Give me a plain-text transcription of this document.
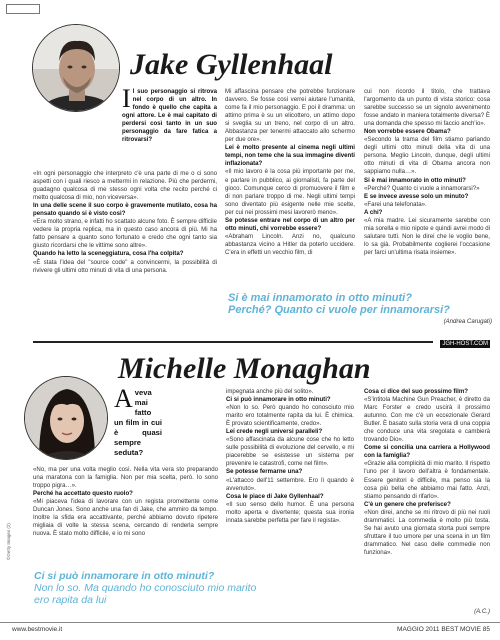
Jake Gyllenhaal
I l suo personaggio si ritrova nel corpo di un altro. In fondo è quello che capita a ogni attore. Le è mai capitato di perdersi così tanto in un suo personaggio da fare fatica a ritrovarsi?

«In ogni personaggio che interpreto c'è una parte di me o ci sono aspetti con i quali riesco a mettermi in relazione. Più che perdermi, guadagno qualcosa di me stesso ogni volta che recito perché ci metto qualcosa di mio, non viceversa».

In una delle scene il suo corpo è gravemente mutilato, cosa ha pensato quando si è visto così?

«Era molto strano, e infatti ho scattato alcune foto. È sempre difficile vedere la propria replica, ma in questo caso ancora di più. Mi ha fatto pensare a quanto sono fortunato e credo che ogni tanto sia giusto ricordarsi che le vittime sono altre».

Quando ha letto la sceneggiatura, cosa l'ha colpita?

«È stata l'idea del "source code" a convincermi, la possibilità di rivivere gli ultimi otto minuti di vita di una persona.

Mi affascina pensare che potrebbe funzionare davvero. Se fosse così verrei aiutare l'umanità, come fa il mio personaggio. E poi il dramma: un attimo prima è su un elicottero, un attimo dopo si sveglia su un treno, nel corpo di un altro. Abbastanza per tenermi attaccato allo schermo per due ore».

Lei è molto presente al cinema negli ultimi tempi, non teme che la sua immagine diventi inflazionata?

«Il mio lavoro è la cosa più importante per me, e parlare in pubblico, ai giornalisti, fa parte del gioco. Comunque cerco di promuovere il film e di non parlare troppo di me. Negli ultimi tempi sono diventato più esigente nelle mie scelte, per cui nei prossimi mesi lavorerò meno».

Se potesse entrare nel corpo di un altro per otto minuti, chi vorrebbe essere?

«Abraham Lincoln. Anzi no, qualcuno abbastanza vicino a Hitler da poterlo uccidere. C'era in effetti un vecchio film, di

cui non ricordo il titolo, che trattava l'argomento da un punto di vista storico: cosa sarebbe successo se un signolo avvenimento fosse andato in maniera totalmente diversa? È una domanda che spesso mi faccio anch'io».

Non vorrebbe essere Obama?

«Secondo la trama del film stiamo parlando degli ultimi otto minuti della vita di una persona. Meglio Lincoln, dunque, degli ultimi otto minuti di vita di Obama ancora non sappiamo nulla…».

Si è mai innamorato in otto minuti?

«Perché? Quanto ci vuole a innamorarsi?»

E se invece avesse solo un minuto?

«Farei una telefonata».

A chi?

«A mia madre. Lei sicuramente sarebbe con mia sorella e mio nipote e quindi avrei modo di salutare tutti. Non le direi che le voglio bene, lo sa già. Probabilmente coglierei l'occasione per farci un'ultima risata insieme».

(Andrea Carugati)
Si è mai innamorato in otto minuti?
Perché? Quanto ci vuole per innamorarsi?
JGH-HOST.COM
Michelle Monaghan
A veva mai fatto un film in cui è quasi sempre seduta?

«No, ma per una volta meglio così. Nella vita vera sto preparando una maratona con la famiglia. Non per mia scelta, però. Io sono troppo pigra…».

Perché ha accettato questo ruolo?

«Mi piaceva l'idea di lavorare con un regista promettente come Duncan Jones. Sono anche una fan di Jake, che ammiro da tempo. Inoltre la sfida era accattivante, perché abbiamo dovuto ripetere migliaia di volte la stessa scena, cercando di renderla sempre nuova. È stato molto difficile, e io mi sono

impegnata anche più del solito».

Ci si può innamorare in otto minuti?

«Non lo so. Però quando ho conosciuto mio marito ero totalmente rapita da lui. È chimica. È provato scientificamente, credo».

Lei crede negli universi paralleli?

«Sono affascinata da alcune cose che ho letto sulle possibilità di evoluzione del cervello, e mi piacerebbe se esistesse un sistema per prevenire le catastrofi, come nel film».

Se potesse fermarne una?

«L'attacco dell'11 settembre. Ero lì quando è avvenuto».

Cosa le piace di Jake Gyllenhaal?

«Il suo senso dello humor. È una persona molto aperta e divertente; questa sua ironia innata sarebbe perfetta per fare il regista».

Cosa ci dice del suo prossimo film?

«S'intitola Machine Gun Preacher, è diretto da Marc Forster e credo uscirà il prossimo autunno. Con me c'è un eccezionale Gerard Butler. È basato sulla storia vera di una coppia che conduce una vita sregolata e cambierà trovando Dio».

Come si concilia una carriera a Hollywood con la famiglia?

«Grazie alla complicità di mio marito. Il rispetto l'uno per il lavoro dell'altra è fondamentale. Essere genitori è difficile, ma penso sia la cosa più bella che abbiamo mai fatto. Anzi, stiamo pensando di rifarlo».

C'è un genere che preferisce?

«Non direi, anche se mi ritrovo di più nei ruoli drammatici. La commedia è molto più tosta. Se hai avuto una giornata storta puoi sempre sfruttare il tuo umore per una scena in un film drammatico. Nel caso delle commedie non funziona».

(A.C.)
Ci si può innamorare in otto minuti?
Non lo so. Ma quando ho conosciuto mio marito
ero rapita da lui
©Getty Images (2)
www.bestmovie.it	MAGGIO 2011 BEST MOVIE 85
